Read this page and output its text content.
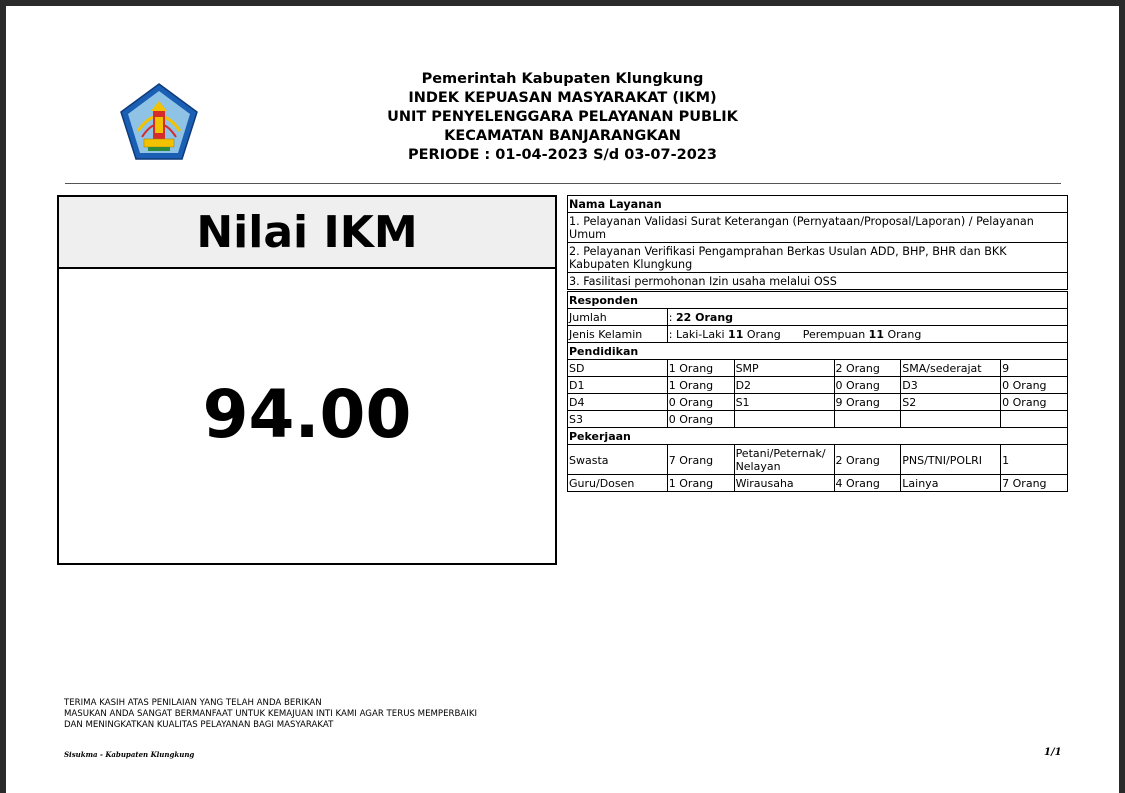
Pemerintah Kabupaten Klungkung
INDEK KEPUASAN MASYARAKAT (IKM)
UNIT PENYELENGGARA PELAYANAN PUBLIK
KECAMATAN BANJARANGKAN
PERIODE : 01-04-2023 S/d 03-07-2023
Nilai IKM
94.00
Nama Layanan
1. Pelayanan Validasi Surat Keterangan (Pernyataan/Proposal/Laporan) / Pelayanan Umum
2. Pelayanan Verifikasi Pengamprahan Berkas Usulan ADD, BHP, BHR dan BKK Kabupaten Klungkung
3. Fasilitasi permohonan Izin usaha melalui OSS
Responden					
Jumlah	: 22 Orang				
Jenis Kelamin	: Laki-Laki 11 Orang Perempuan 11 Orang				
Pendidikan					
SD	1 Orang	SMP	2 Orang	SMA/sederajat	9
D1	1 Orang	D2	0 Orang	D3	0 Orang
D4	0 Orang	S1	9 Orang	S2	0 Orang
S3	0 Orang				
Pekerjaan					
Swasta	7 Orang	Petani/Peternak/ Nelayan	2 Orang	PNS/TNI/POLRI	1
Guru/Dosen	1 Orang	Wirausaha	4 Orang	Lainya	7 Orang
TERIMA KASIH ATAS PENILAIAN YANG TELAH ANDA BERIKAN
MASUKAN ANDA SANGAT BERMANFAAT UNTUK KEMAJUAN INTI KAMI AGAR TERUS MEMPERBAIKI
DAN MENINGKATKAN KUALITAS PELAYANAN BAGI MASYARAKAT
Sisukma - Kabupaten Klungkung	1/1
